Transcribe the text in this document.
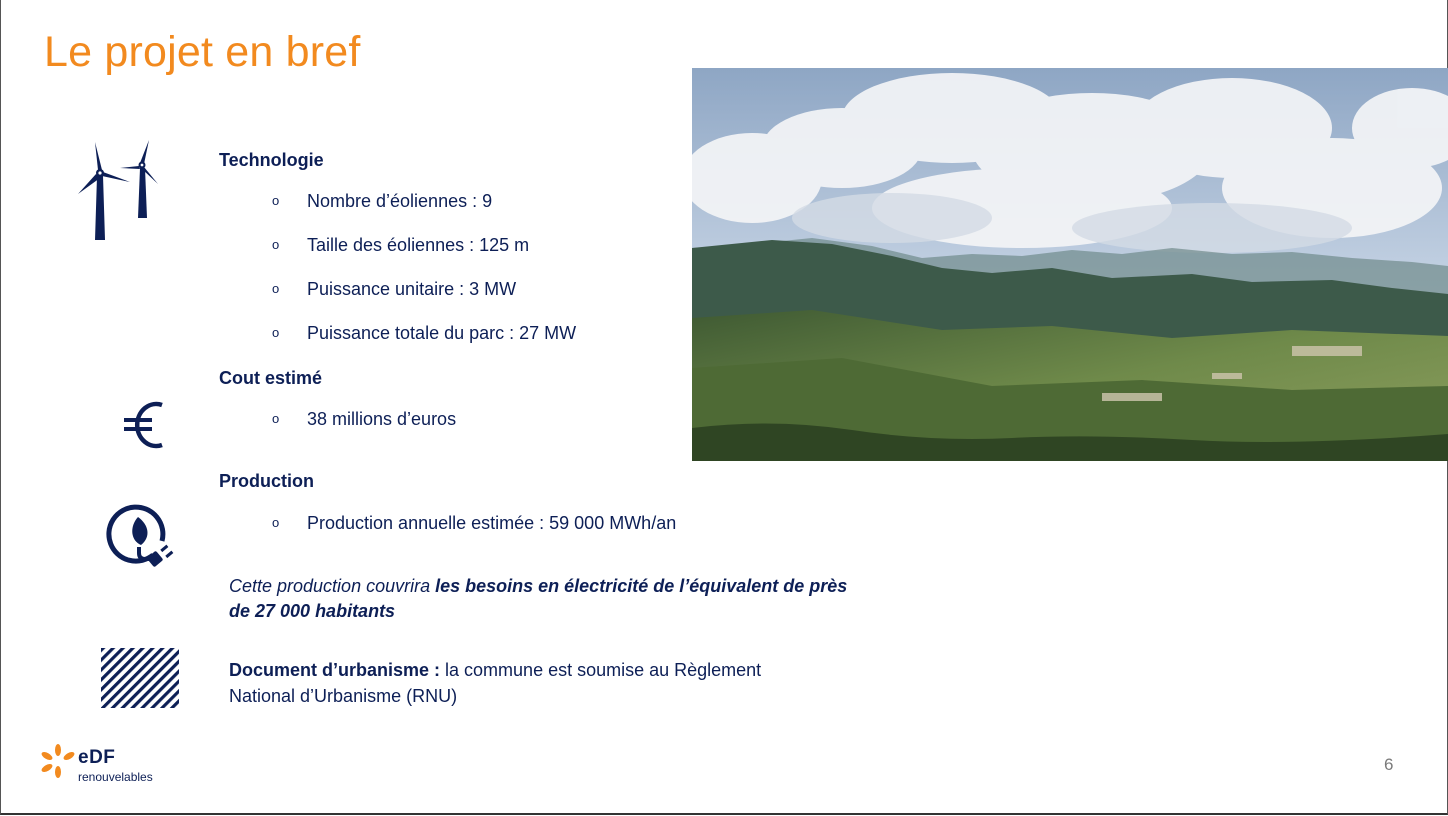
Le projet en bref
Technologie
o Nombre d’éoliennes : 9
o Taille des éoliennes : 125 m
o Puissance unitaire : 3 MW
o Puissance totale du parc : 27 MW
Cout estimé
o 38 millions d’euros
Production
o Production annuelle estimée : 59 000 MWh/an
Cette production couvrira les besoins en électricité de l’équivalent de près de 27 000 habitants
Document d’urbanisme : la commune est soumise au Règlement National d’Urbanisme (RNU)
eDF
renouvelables
6
